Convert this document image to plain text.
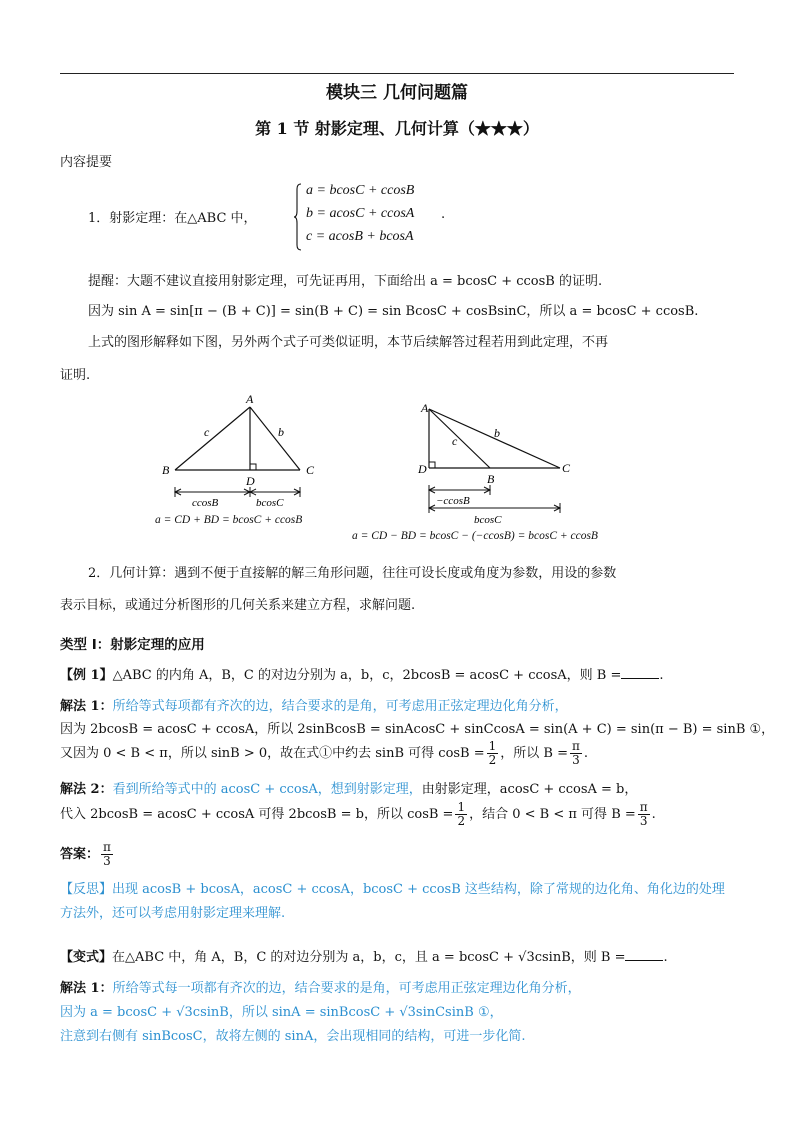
模块三 几何问题篇
第 1 节 射影定理、几何计算（★★★）
内容提要
1．射影定理：在△ABC 中，
a = bcosC + ccosB
b = acosC + ccosA
c = acosB + bcosA
.
提醒：大题不建议直接用射影定理，可先证再用，下面给出 a = bcosC + ccosB 的证明.
因为 sin A = sin[π − (B + C)] = sin(B + C) = sin BcosC + cosBsinC，所以 a = bcosC + ccosB.
上式的图形解释如下图，另外两个式子可类似证明，本节后续解答过程若用到此定理，不再
证明.
A
B	C
D
c	b
ccosB	bcosC
a = CD + BD = bcosC + ccosB
A
D
B
C
c
b
−ccosB
bcosC
a = CD − BD = bcosC − (−ccosB) = bcosC + ccosB
2．几何计算：遇到不便于直接解的解三角形问题，往往可设长度或角度为参数，用设的参数
表示目标，或通过分析图形的几何关系来建立方程，求解问题.
类型 I：射影定理的应用
【例 1】△ABC 的内角 A，B，C 的对边分别为 a，b，c，2bcosB = acosC + ccosA，则 B =	.
解法 1：所给等式每项都有齐次的边，结合要求的是角，可考虑用正弦定理边化角分析，
因为 2bcosB = acosC + ccosA，所以 2sinBcosB = sinAcosC + sinCcosA = sin(A + C) = sin(π − B) = sinB ①，
又因为 0 < B < π，所以 sinB > 0，故在式①中约去 sinB 可得 $\cos B = \frac{1}{2}$ ，所以 $B = \frac{\pi}{3}$ .
解法 2：看到所给等式中的 acosC + ccosA，想到射影定理，由射影定理，acosC + ccosA = b，
代入 2bcosB = acosC + ccosA 可得 2bcosB = b，所以 $\cos B = \frac{1}{2}$ ，结合 0 < B < π 可得 $B = \frac{\pi}{3}$ .
答案： $\frac{\pi}{3}$
【反思】出现 acosB + bcosA，acosC + ccosA，bcosC + ccosB 这些结构，除了常规的边化角、角化边的处理
方法外，还可以考虑用射影定理来理解.
【变式】在△ABC 中，角 A，B，C 的对边分别为 a，b，c，且 a = bcosC + √3csinB，则 B =	.
解法 1：所给等式每一项都有齐次的边，结合要求的是角，可考虑用正弦定理边化角分析，
因为 a = bcosC + √3csinB，所以 sinA = sinBcosC + √3sinCsinB ①，
注意到右侧有 sinBcosC，故将左侧的 sinA，会出现相同的结构，可进一步化简.
